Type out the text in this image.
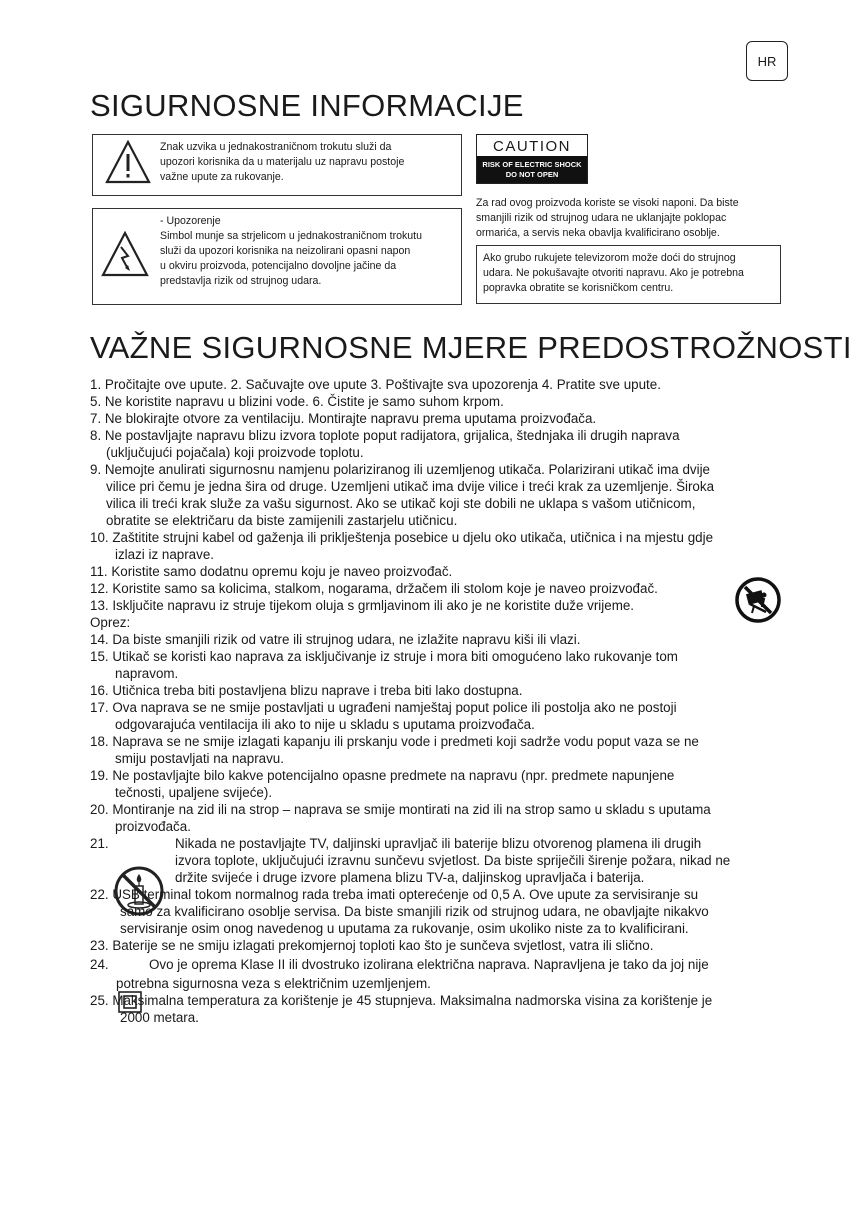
HR
SIGURNOSNE INFORMACIJE
Znak uzvika u jednakostraničnom trokutu služi da
upozori korisnika da u materijalu uz napravu postoje
važne upute za rukovanje.
- Upozorenje
Simbol munje sa strjelicom u jednakostraničnom trokutu
služi da upozori korisnika na neizolirani opasni napon
u okviru proizvoda, potencijalno dovoljne jačine da
predstavlja rizik od strujnog udara.
CAUTION
RISK OF ELECTRIC SHOCK
DO NOT OPEN
Za rad ovog proizvoda koriste se visoki naponi. Da biste
smanjili rizik od strujnog udara ne uklanjajte poklopac
ormarića, a servis neka obavlja kvalificirano osoblje.
Ako grubo rukujete televizorom može doći do strujnog
udara. Ne pokušavajte otvoriti napravu. Ako je potrebna
popravka obratite se korisničkom centru.
VAŽNE SIGURNOSNE MJERE PREDOSTROŽNOSTI
1. Pročitajte ove upute. 2. Sačuvajte ove upute 3. Poštivajte sva upozorenja 4. Pratite sve upute.
5. Ne koristite napravu u blizini vode. 6. Čistite je samo suhom krpom.
7. Ne blokirajte otvore za ventilaciju. Montirajte napravu prema uputama proizvođača.
8. Ne postavljajte napravu blizu izvora toplote poput radijatora, grijalica, štednjaka ili drugih naprava
(uključujući pojačala) koji proizvode toplotu.
9. Nemojte anulirati sigurnosnu namjenu polariziranog ili uzemljenog utikača. Polarizirani utikač ima dvije
vilice pri čemu je jedna šira od druge. Uzemljeni utikač ima dvije vilice i treći krak za uzemljenje. Široka
vilica ili treći krak služe za vašu sigurnost. Ako se utikač koji ste dobili ne uklapa s vašom utičnicom,
obratite se električaru da biste zamijenili zastarjelu utičnicu.
10. Zaštitite strujni kabel od gaženja ili priklještenja posebice u djelu oko utikača, utičnica i na mjestu gdje
izlazi iz naprave.
11. Koristite samo dodatnu opremu koju je naveo proizvođač.
12. Koristite samo sa kolicima, stalkom, nogarama, držačem ili stolom koje je naveo proizvođač.
13. Isključite napravu iz struje tijekom oluja s grmljavinom ili ako je ne koristite duže vrijeme.
Oprez:
14. Da biste smanjili rizik od vatre ili strujnog udara, ne izlažite napravu kiši ili vlazi.
15. Utikač se koristi kao naprava za isključivanje iz struje i mora biti omogućeno lako rukovanje tom
napravom.
16. Utičnica treba biti postavljena blizu naprave i treba biti lako dostupna.
17. Ova naprava se ne smije postavljati u ugrađeni namještaj poput police ili postolja ako ne postoji
odgovarajuća ventilacija ili ako to nije u skladu s uputama proizvođača.
18. Naprava se ne smije izlagati kapanju ili prskanju vode i predmeti koji sadrže vodu poput vaza se ne
smiju postavljati na napravu.
19. Ne postavljajte bilo kakve potencijalno opasne predmete na napravu (npr. predmete napunjene
tečnosti, upaljene svijeće).
20. Montiranje na zid ili na strop – naprava se smije montirati na zid ili na strop samo u skladu s uputama
proizvođača.
21.	Nikada ne postavljajte TV, daljinski upravljač ili baterije blizu otvorenog plamena ili drugih
izvora toplote, uključujući izravnu sunčevu svjetlost. Da biste spriječili širenje požara, nikad ne
držite svijeće i druge izvore plamena blizu TV-a, daljinskog upravljača i baterija.
22. USB terminal tokom normalnog rada treba imati opterećenje od 0,5 A. Ove upute za servisiranje su
samo za kvalificirano osoblje servisa. Da biste smanjili rizik od strujnog udara, ne obavljajte nikakvo
servisiranje osim onog navedenog u uputama za rukovanje, osim ukoliko niste za to kvalificirani.
23. Baterije se ne smiju izlagati prekomjernoj toploti kao što je sunčeva svjetlost, vatra ili slično.
24.	Ovo je oprema Klase II ili dvostruko izolirana električna naprava. Napravljena je tako da joj nije
potrebna sigurnosna veza s električnim uzemljenjem.
25. Maksimalna temperatura za korištenje je 45 stupnjeva. Maksimalna nadmorska visina za korištenje je
2000 metara.
